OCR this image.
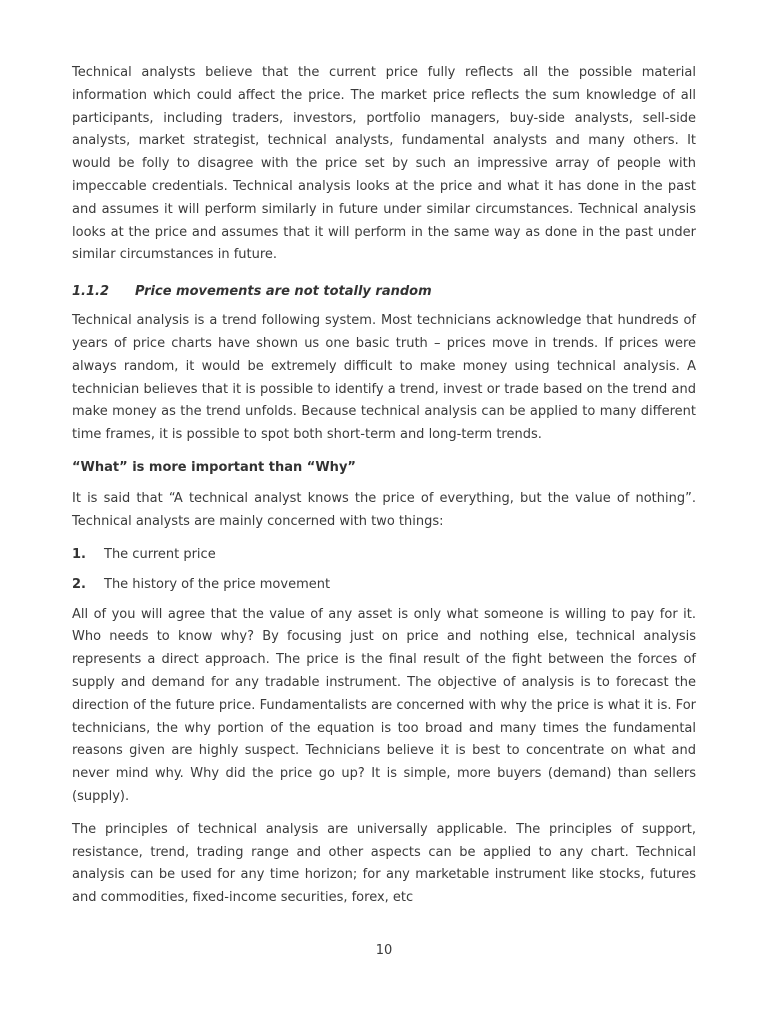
Technical analysts believe that the current price fully reflects all the possible material information which could affect the price. The market price reflects the sum knowledge of all participants, including traders, investors, portfolio managers, buy-side analysts, sell-side analysts, market strategist, technical analysts, fundamental analysts and many others. It would be folly to disagree with the price set by such an impressive array of people with impeccable credentials. Technical analysis looks at the price and what it has done in the past and assumes it will perform similarly in future under similar circumstances. Technical analysis looks at the price and assumes that it will perform in the same way as done in the past under similar circumstances in future.

1.1.2	Price movements are not totally random

Technical analysis is a trend following system. Most technicians acknowledge that hundreds of years of price charts have shown us one basic truth – prices move in trends. If prices were always random, it would be extremely difficult to make money using technical analysis. A technician believes that it is possible to identify a trend, invest or trade based on the trend and make money as the trend unfolds. Because technical analysis can be applied to many different time frames, it is possible to spot both short-term and long-term trends.

“What” is more important than “Why”

It is said that “A technical analyst knows the price of everything, but the value of nothing”. Technical analysts are mainly concerned with two things:

1.	The current price
2.	The history of the price movement

All of you will agree that the value of any asset is only what someone is willing to pay for it. Who needs to know why? By focusing just on price and nothing else, technical analysis represents a direct approach. The price is the final result of the fight between the forces of supply and demand for any tradable instrument. The objective of analysis is to forecast the direction of the future price. Fundamentalists are concerned with why the price is what it is. For technicians, the why portion of the equation is too broad and many times the fundamental reasons given are highly suspect. Technicians believe it is best to concentrate on what and never mind why. Why did the price go up? It is simple, more buyers (demand) than sellers (supply).

The principles of technical analysis are universally applicable. The principles of support, resistance, trend, trading range and other aspects can be applied to any chart. Technical analysis can be used for any time horizon; for any marketable instrument like stocks, futures and commodities, fixed-income securities, forex, etc

10
